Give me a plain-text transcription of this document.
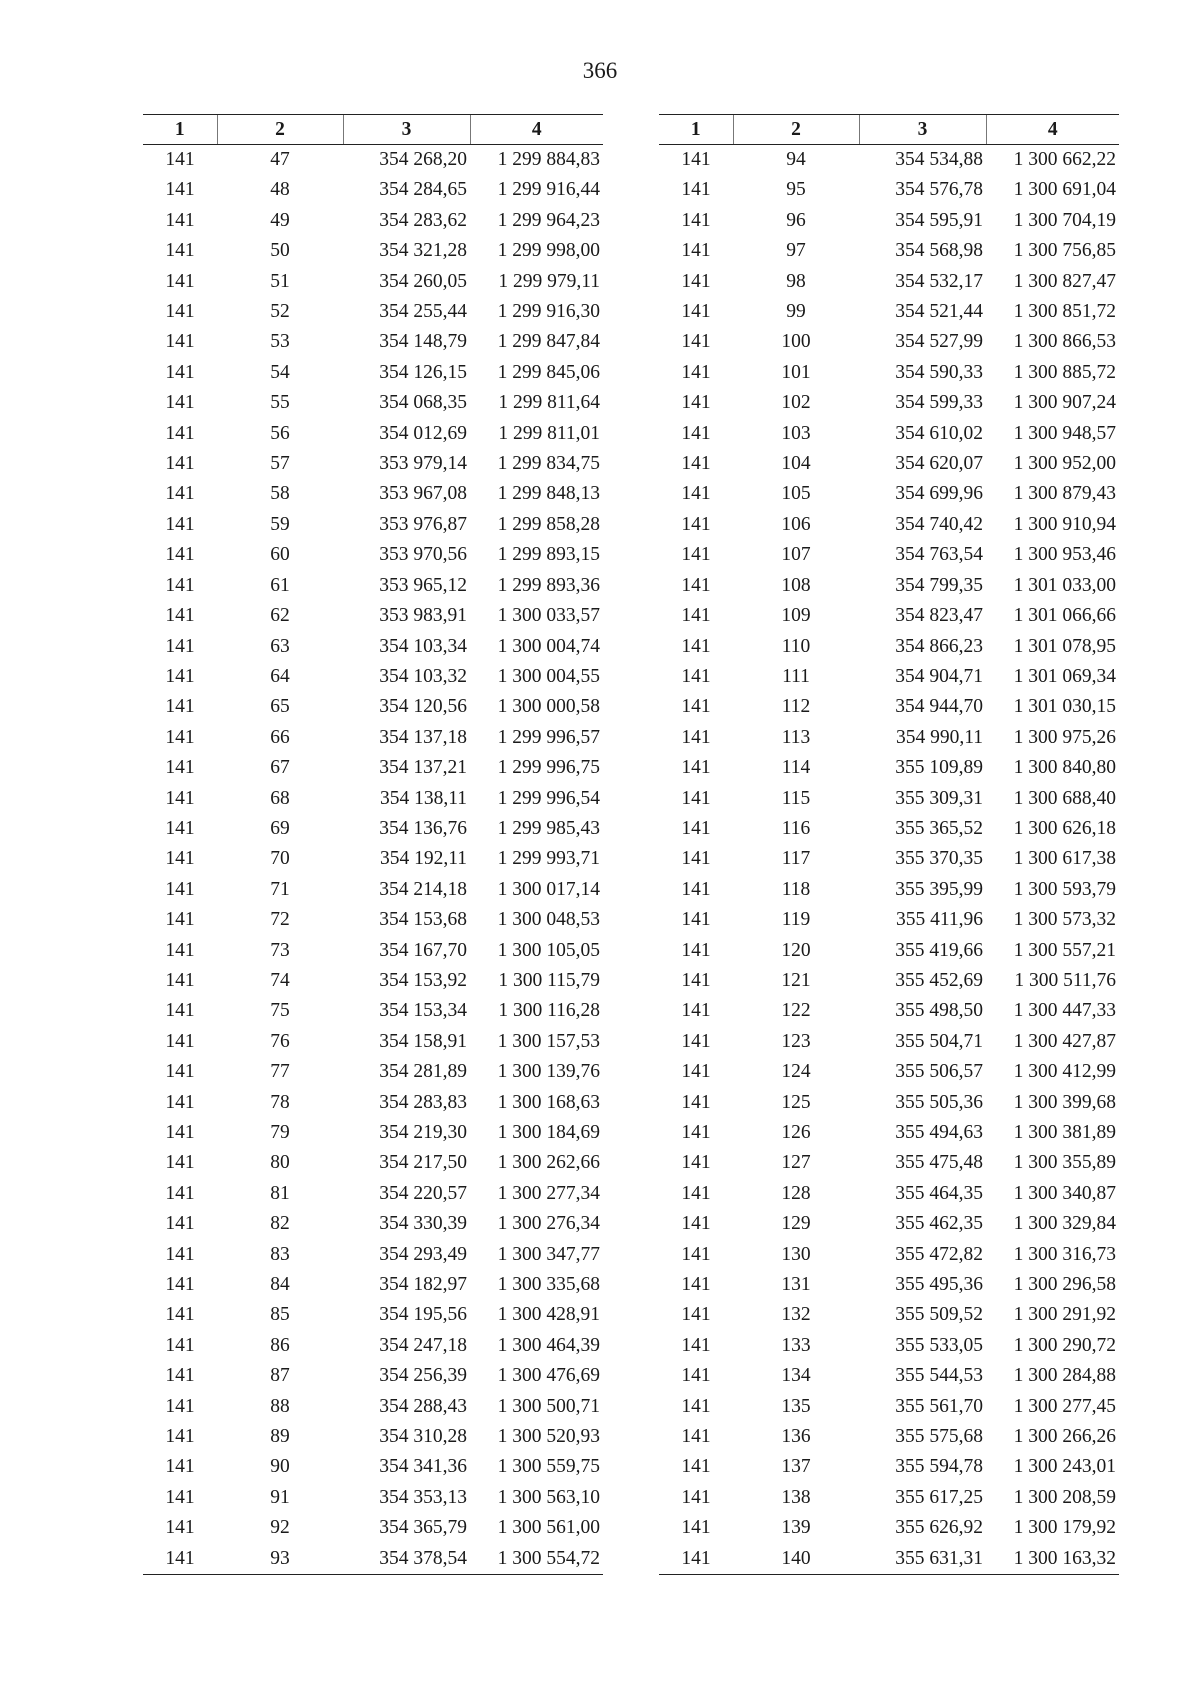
366
1	2	3	4
141	47	354 268,20	1 299 884,83
141	48	354 284,65	1 299 916,44
141	49	354 283,62	1 299 964,23
141	50	354 321,28	1 299 998,00
141	51	354 260,05	1 299 979,11
141	52	354 255,44	1 299 916,30
141	53	354 148,79	1 299 847,84
141	54	354 126,15	1 299 845,06
141	55	354 068,35	1 299 811,64
141	56	354 012,69	1 299 811,01
141	57	353 979,14	1 299 834,75
141	58	353 967,08	1 299 848,13
141	59	353 976,87	1 299 858,28
141	60	353 970,56	1 299 893,15
141	61	353 965,12	1 299 893,36
141	62	353 983,91	1 300 033,57
141	63	354 103,34	1 300 004,74
141	64	354 103,32	1 300 004,55
141	65	354 120,56	1 300 000,58
141	66	354 137,18	1 299 996,57
141	67	354 137,21	1 299 996,75
141	68	354 138,11	1 299 996,54
141	69	354 136,76	1 299 985,43
141	70	354 192,11	1 299 993,71
141	71	354 214,18	1 300 017,14
141	72	354 153,68	1 300 048,53
141	73	354 167,70	1 300 105,05
141	74	354 153,92	1 300 115,79
141	75	354 153,34	1 300 116,28
141	76	354 158,91	1 300 157,53
141	77	354 281,89	1 300 139,76
141	78	354 283,83	1 300 168,63
141	79	354 219,30	1 300 184,69
141	80	354 217,50	1 300 262,66
141	81	354 220,57	1 300 277,34
141	82	354 330,39	1 300 276,34
141	83	354 293,49	1 300 347,77
141	84	354 182,97	1 300 335,68
141	85	354 195,56	1 300 428,91
141	86	354 247,18	1 300 464,39
141	87	354 256,39	1 300 476,69
141	88	354 288,43	1 300 500,71
141	89	354 310,28	1 300 520,93
141	90	354 341,36	1 300 559,75
141	91	354 353,13	1 300 563,10
141	92	354 365,79	1 300 561,00
141	93	354 378,54	1 300 554,72
1	2	3	4
141	94	354 534,88	1 300 662,22
141	95	354 576,78	1 300 691,04
141	96	354 595,91	1 300 704,19
141	97	354 568,98	1 300 756,85
141	98	354 532,17	1 300 827,47
141	99	354 521,44	1 300 851,72
141	100	354 527,99	1 300 866,53
141	101	354 590,33	1 300 885,72
141	102	354 599,33	1 300 907,24
141	103	354 610,02	1 300 948,57
141	104	354 620,07	1 300 952,00
141	105	354 699,96	1 300 879,43
141	106	354 740,42	1 300 910,94
141	107	354 763,54	1 300 953,46
141	108	354 799,35	1 301 033,00
141	109	354 823,47	1 301 066,66
141	110	354 866,23	1 301 078,95
141	111	354 904,71	1 301 069,34
141	112	354 944,70	1 301 030,15
141	113	354 990,11	1 300 975,26
141	114	355 109,89	1 300 840,80
141	115	355 309,31	1 300 688,40
141	116	355 365,52	1 300 626,18
141	117	355 370,35	1 300 617,38
141	118	355 395,99	1 300 593,79
141	119	355 411,96	1 300 573,32
141	120	355 419,66	1 300 557,21
141	121	355 452,69	1 300 511,76
141	122	355 498,50	1 300 447,33
141	123	355 504,71	1 300 427,87
141	124	355 506,57	1 300 412,99
141	125	355 505,36	1 300 399,68
141	126	355 494,63	1 300 381,89
141	127	355 475,48	1 300 355,89
141	128	355 464,35	1 300 340,87
141	129	355 462,35	1 300 329,84
141	130	355 472,82	1 300 316,73
141	131	355 495,36	1 300 296,58
141	132	355 509,52	1 300 291,92
141	133	355 533,05	1 300 290,72
141	134	355 544,53	1 300 284,88
141	135	355 561,70	1 300 277,45
141	136	355 575,68	1 300 266,26
141	137	355 594,78	1 300 243,01
141	138	355 617,25	1 300 208,59
141	139	355 626,92	1 300 179,92
141	140	355 631,31	1 300 163,32
